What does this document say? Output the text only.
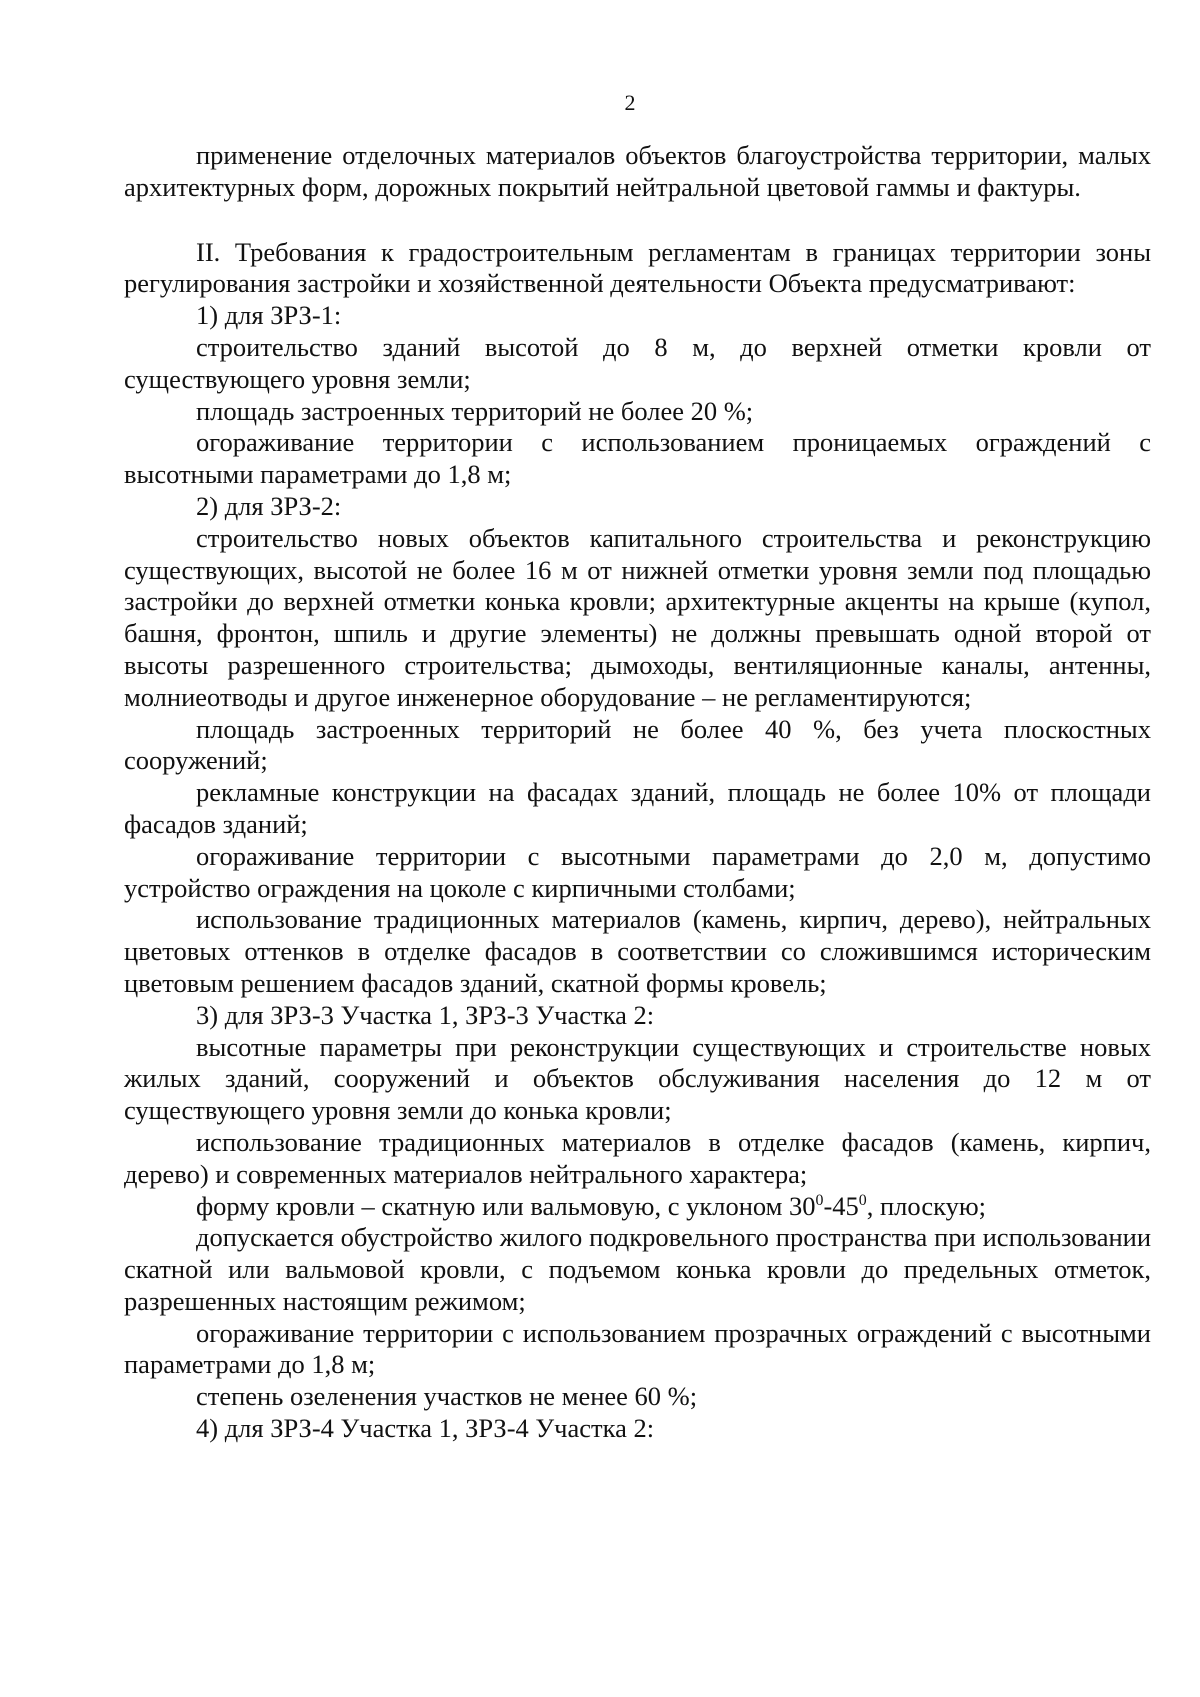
2

применение отделочных материалов объектов благоустройства территории, малых архитектурных форм, дорожных покрытий нейтральной цветовой гаммы и фактуры.

II. Требования к градостроительным регламентам в границах территории зоны регулирования застройки и хозяйственной деятельности Объекта предусматривают:

1) для ЗРЗ-1:

строительство зданий высотой до 8 м, до верхней отметки кровли от существующего уровня земли;

площадь застроенных территорий не более 20 %;

огораживание территории с использованием проницаемых ограждений с высотными параметрами до 1,8 м;

2) для ЗРЗ-2:

строительство новых объектов капитального строительства и реконструкцию существующих, высотой не более 16 м от нижней отметки уровня земли под площадью застройки до верхней отметки конька кровли; архитектурные акценты на крыше (купол, башня, фронтон, шпиль и другие элементы) не должны превышать одной второй от высоты разрешенного строительства; дымоходы, вентиляционные каналы, антенны, молниеотводы и другое инженерное оборудование – не регламентируются;

площадь застроенных территорий не более 40 %, без учета плоскостных сооружений;

рекламные конструкции на фасадах зданий, площадь не более 10% от площади фасадов зданий;

огораживание территории с высотными параметрами до 2,0 м, допустимо устройство ограждения на цоколе с кирпичными столбами;

использование традиционных материалов (камень, кирпич, дерево), нейтральных цветовых оттенков в отделке фасадов в соответствии со сложившимся историческим цветовым решением фасадов зданий, скатной формы кровель;

3) для ЗРЗ-3 Участка 1, ЗРЗ-3 Участка 2:

высотные параметры при реконструкции существующих и строительстве новых жилых зданий, сооружений и объектов обслуживания населения до 12 м от существующего уровня земли до конька кровли;

использование традиционных материалов в отделке фасадов (камень, кирпич, дерево) и современных материалов нейтрального характера;

форму кровли – скатную или вальмовую, с уклоном $30^0-45^0$, плоскую;

допускается обустройство жилого подкровельного пространства при использовании скатной или вальмовой кровли, с подъемом конька кровли до предельных отметок, разрешенных настоящим режимом;

огораживание территории с использованием прозрачных ограждений с высотными параметрами до 1,8 м;

степень озеленения участков не менее 60 %;

4) для ЗРЗ-4 Участка 1, ЗРЗ-4 Участка 2:
